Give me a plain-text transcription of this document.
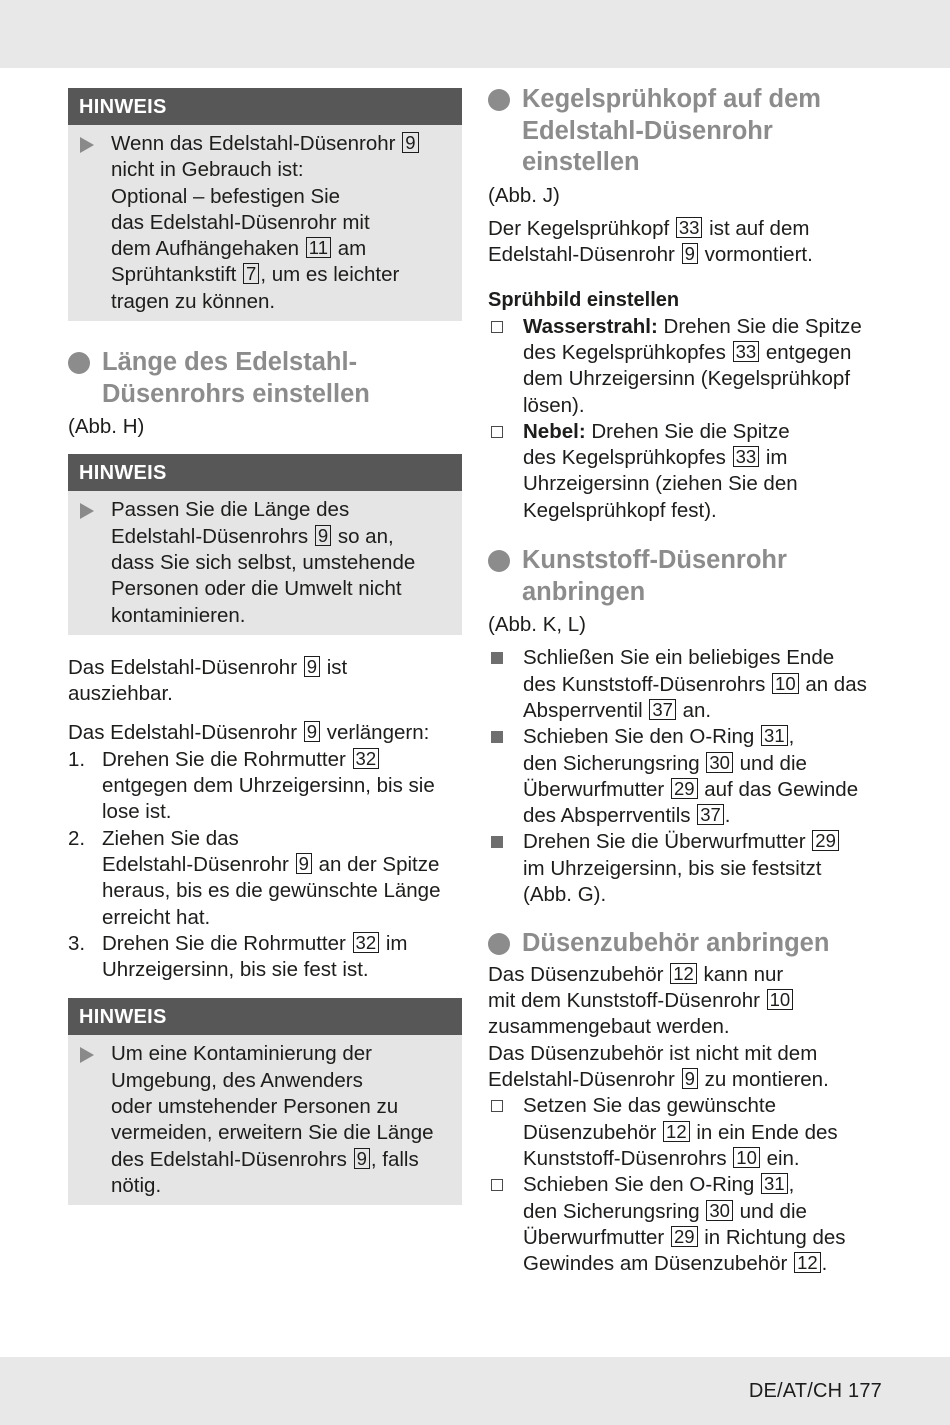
HINWEIS
Wenn das Edelstahl-Düsenrohr 9
nicht in Gebrauch ist:
Optional – befestigen Sie
das Edelstahl-Düsenrohr mit
dem Aufhängehaken 11 am
Sprühtankstift 7 , um es leichter
tragen zu können.
Länge des Edelstahl-
Düsenrohrs einstellen

(Abb. H)

HINWEIS
Passen Sie die Länge des
Edelstahl-Düsenrohrs 9 so an,
dass Sie sich selbst, umstehende
Personen oder die Umwelt nicht
kontaminieren.

Das Edelstahl-Düsenrohr 9 ist
ausziehbar.

Das Edelstahl-Düsenrohr 9 verlängern:

1. Drehen Sie die Rohrmutter 32
entgegen dem Uhrzeigersinn, bis sie
lose ist.
2. Ziehen Sie das
Edelstahl-Düsenrohr 9 an der Spitze
heraus, bis es die gewünschte Länge
erreicht hat.
3. Drehen Sie die Rohrmutter 32 im
Uhrzeigersinn, bis sie fest ist.
HINWEIS
Um eine Kontaminierung der
Umgebung, des Anwenders
oder umstehender Personen zu
vermeiden, erweitern Sie die Länge
des Edelstahl-Düsenrohrs 9 , falls
nötig.
Kegelsprühkopf auf dem
Edelstahl-Düsenrohr
einstellen

(Abb. J)

Der Kegelsprühkopf 33 ist auf dem
Edelstahl-Düsenrohr 9 vormontiert.

Sprühbild einstellen

Wasserstrahl: Drehen Sie die Spitze
des Kegelsprühkopfes 33 entgegen
dem Uhrzeigersinn (Kegelsprühkopf
lösen).
Nebel: Drehen Sie die Spitze
des Kegelsprühkopfes 33 im
Uhrzeigersinn (ziehen Sie den
Kegelsprühkopf fest).
Kunststoff-Düsenrohr
anbringen

(Abb. K, L)

Schließen Sie ein beliebiges Ende
des Kunststoff-Düsenrohrs 10 an das
Absperrventil 37 an.
Schieben Sie den O-Ring 31 ,
den Sicherungsring 30 und die
Überwurfmutter 29 auf das Gewinde
des Absperrventils 37 .
Drehen Sie die Überwurfmutter 29
im Uhrzeigersinn, bis sie festsitzt
(Abb. G).
Düsenzubehör anbringen

Das Düsenzubehör 12 kann nur
mit dem Kunststoff-Düsenrohr 10
zusammengebaut werden.
Das Düsenzubehör ist nicht mit dem
Edelstahl-Düsenrohr 9 zu montieren.

Setzen Sie das gewünschte
Düsenzubehör 12 in ein Ende des
Kunststoff-Düsenrohrs 10 ein.
Schieben Sie den O-Ring 31 ,
den Sicherungsring 30 und die
Überwurfmutter 29 in Richtung des
Gewindes am Düsenzubehör 12 .
DE/AT/CH 177
